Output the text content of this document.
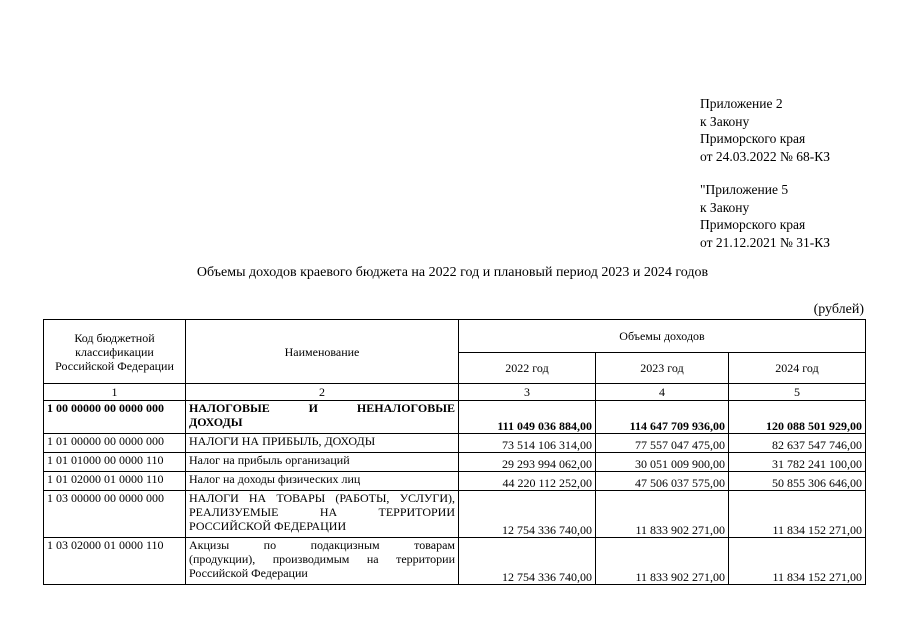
Приложение 2
к Закону
Приморского края
от 24.03.2022 № 68-КЗ
"Приложение 5
к Закону
Приморского края
от 21.12.2021 № 31-КЗ
Объемы доходов краевого бюджета на 2022 год и плановый период 2023 и 2024 годов
(рублей)
Код бюджетной классификации Российской Федерации	Наименование	Объемы доходов		
		2022 год	2023 год	2024 год
1	2	3	4	5
1 00 00000 00 0000 000	НАЛОГОВЫЕ И НЕНАЛОГОВЫЕ
ДОХОДЫ	111 049 036 884,00	114 647 709 936,00	120 088 501 929,00
1 01 00000 00 0000 000	НАЛОГИ НА ПРИБЫЛЬ, ДОХОДЫ	73 514 106 314,00	77 557 047 475,00	82 637 547 746,00
1 01 01000 00 0000 110	Налог на прибыль организаций	29 293 994 062,00	30 051 009 900,00	31 782 241 100,00
1 01 02000 01 0000 110	Налог на доходы физических лиц	44 220 112 252,00	47 506 037 575,00	50 855 306 646,00
1 03 00000 00 0000 000	НАЛОГИ НА ТОВАРЫ (РАБОТЫ, УСЛУГИ),
РЕАЛИЗУЕМЫЕ НА ТЕРРИТОРИИ
РОССИЙСКОЙ ФЕДЕРАЦИИ	12 754 336 740,00	11 833 902 271,00	11 834 152 271,00
1 03 02000 01 0000 110	Акцизы по подакцизным товарам
(продукции), производимым на территории
Российской Федерации	12 754 336 740,00	11 833 902 271,00	11 834 152 271,00
